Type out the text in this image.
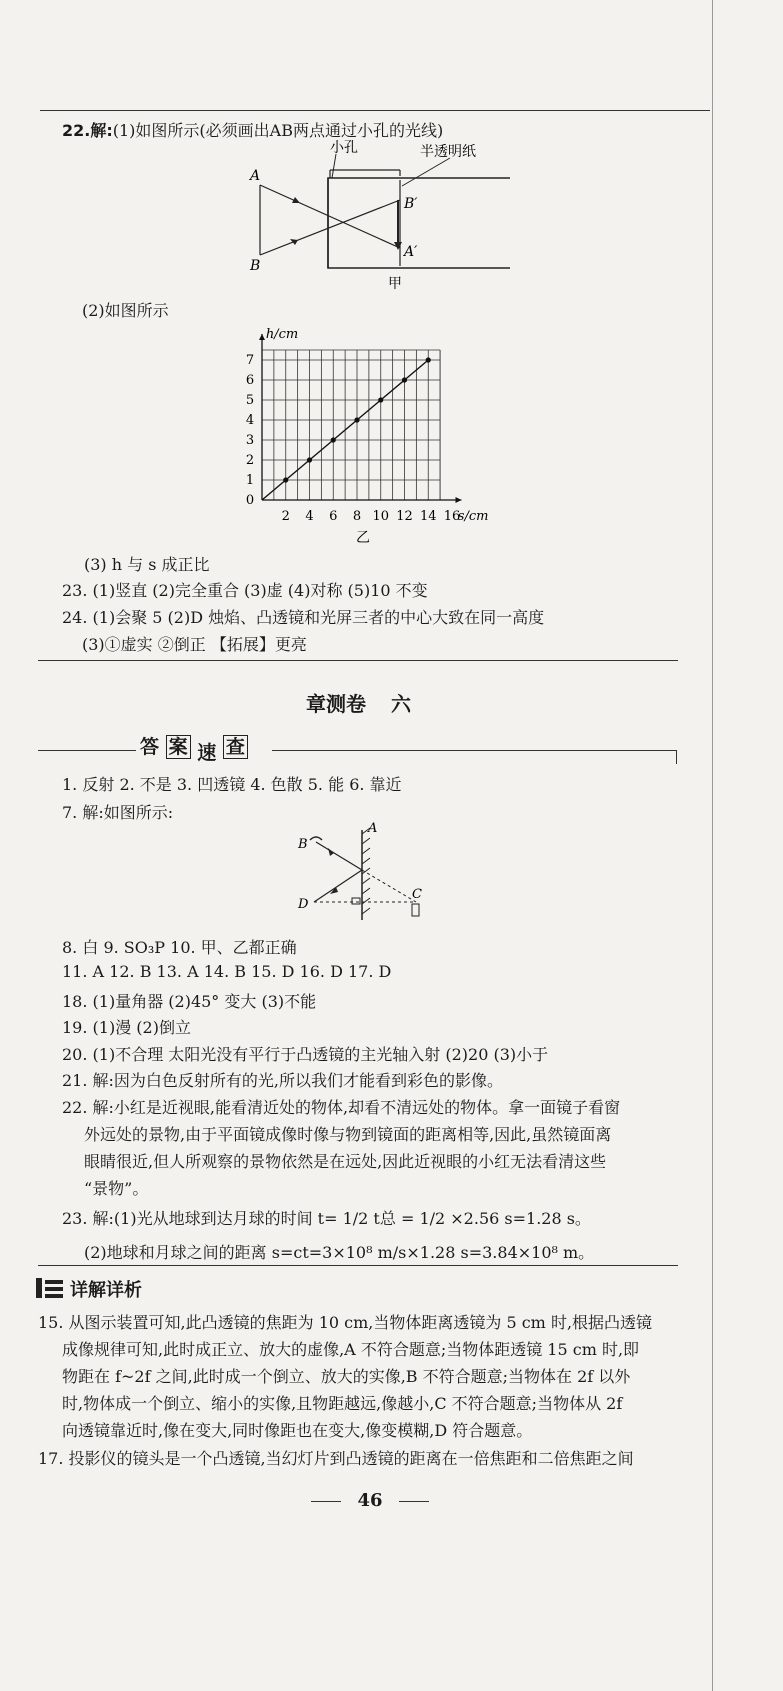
22.解:(1)如图所示(必须画出AB两点通过小孔的光线)
A
B
B′
A′
小孔	半透明纸
甲
(2)如图所示
2 4 6 8 10 12 14 16
1
2
3
4
5
6
7
0
s/cm
h/cm
乙
(3) h 与 s 成正比
23. (1)竖直 (2)完全重合 (3)虚 (4)对称 (5)10 不变
24. (1)会聚 5 (2)D 烛焰、凸透镜和光屏三者的中心大致在同一高度
(3)①虚实 ②倒正 【拓展】更亮
章测卷 六
答 案 速 查
1. 反射 2. 不是 3. 凹透镜 4. 色散 5. 能 6. 靠近
7. 解:如图所示:
A
B
C
D
8. 白 9. SO₃P 10. 甲、乙都正确
11. A 12. B 13. A 14. B 15. D 16. D 17. D
18. (1)量角器 (2)45° 变大 (3)不能
19. (1)漫 (2)倒立
20. (1)不合理 太阳光没有平行于凸透镜的主光轴入射 (2)20 (3)小于
21. 解:因为白色反射所有的光,所以我们才能看到彩色的影像。
22. 解:小红是近视眼,能看清近处的物体,却看不清远处的物体。拿一面镜子看窗
外远处的景物,由于平面镜成像时像与物到镜面的距离相等,因此,虽然镜面离
眼睛很近,但人所观察的景物依然是在远处,因此近视眼的小红无法看清这些
“景物”。
23. 解:(1)光从地球到达月球的时间 t= 1/2 t总 = 1/2 ×2.56 s=1.28 s。
(2)地球和月球之间的距离 s=ct=3×10⁸ m/s×1.28 s=3.84×10⁸ m。
详解详析
15. 从图示装置可知,此凸透镜的焦距为 10 cm,当物体距离透镜为 5 cm 时,根据凸透镜
成像规律可知,此时成正立、放大的虚像,A 不符合题意;当物体距透镜 15 cm 时,即
物距在 f~2f 之间,此时成一个倒立、放大的实像,B 不符合题意;当物体在 2f 以外
时,物体成一个倒立、缩小的实像,且物距越远,像越小,C 不符合题意;当物体从 2f
向透镜靠近时,像在变大,同时像距也在变大,像变模糊,D 符合题意。
17. 投影仪的镜头是一个凸透镜,当幻灯片到凸透镜的距离在一倍焦距和二倍焦距之间
46
